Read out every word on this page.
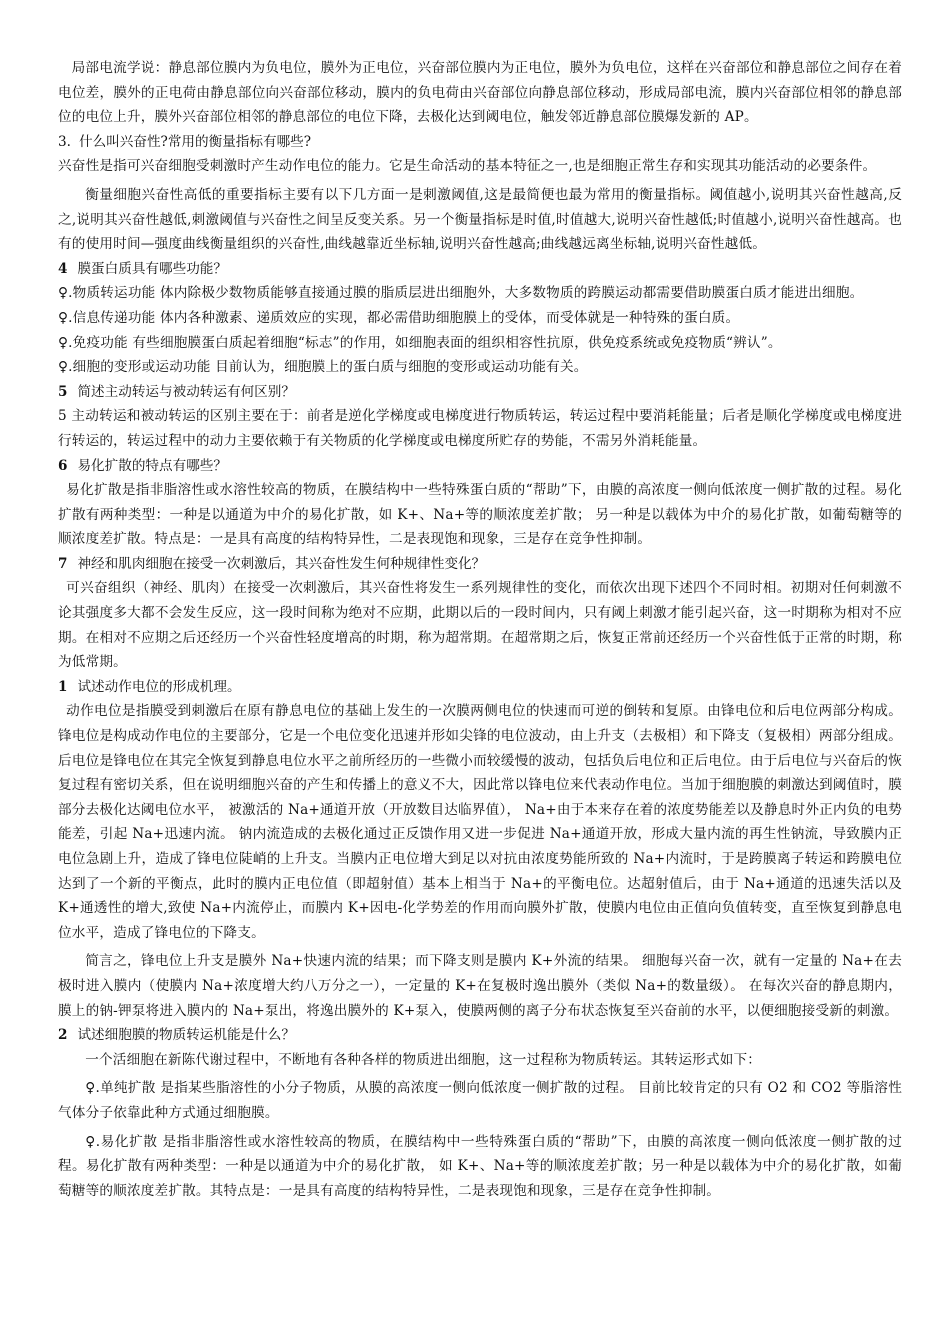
局部电流学说：静息部位膜内为负电位，膜外为正电位，兴奋部位膜内为正电位，膜外为负电位，这样在兴奋部位和静息部位之间存在着电位差，膜外的正电荷由静息部位向兴奋部位移动，膜内的负电荷由兴奋部位向静息部位移动，形成局部电流，膜内兴奋部位相邻的静息部位的电位上升，膜外兴奋部位相邻的静息部位的电位下降，去极化达到阈电位，触发邻近静息部位膜爆发新的 AP。

3. 什么叫兴奋性?常用的衡量指标有哪些?

兴奋性是指可兴奋细胞受刺激时产生动作电位的能力。它是生命活动的基本特征之一,也是细胞正常生存和实现其功能活动的必要条件。

衡量细胞兴奋性高低的重要指标主要有以下几方面一是刺激阈值,这是最简便也最为常用的衡量指标。阈值越小,说明其兴奋性越高,反之,说明其兴奋性越低,刺激阈值与兴奋性之间呈反变关系。另一个衡量指标是时值,时值越大,说明兴奋性越低;时值越小,说明兴奋性越高。也有的使用时间—强度曲线衡量组织的兴奋性,曲线越靠近坐标轴,说明兴奋性越高;曲线越远离坐标轴,说明兴奋性越低。

4 膜蛋白质具有哪些功能？

♀.物质转运功能 体内除极少数物质能够直接通过膜的脂质层进出细胞外，大多数物质的跨膜运动都需要借助膜蛋白质才能进出细胞。

♀.信息传递功能 体内各种激素、递质效应的实现，都必需借助细胞膜上的受体，而受体就是一种特殊的蛋白质。

♀.免疫功能 有些细胞膜蛋白质起着细胞“标志”的作用，如细胞表面的组织相容性抗原，供免疫系统或免疫物质“辨认”。

♀.细胞的变形或运动功能 目前认为，细胞膜上的蛋白质与细胞的变形或运动功能有关。

5 简述主动转运与被动转运有何区别？

5 主动转运和被动转运的区别主要在于：前者是逆化学梯度或电梯度进行物质转运，转运过程中要消耗能量；后者是顺化学梯度或电梯度进行转运的，转运过程中的动力主要依赖于有关物质的化学梯度或电梯度所贮存的势能，不需另外消耗能量。

6 易化扩散的特点有哪些？

易化扩散是指非脂溶性或水溶性较高的物质，在膜结构中一些特殊蛋白质的“帮助”下，由膜的高浓度一侧向低浓度一侧扩散的过程。易化扩散有两种类型：一种是以通道为中介的易化扩散，如 K+、Na+等的顺浓度差扩散； 另一种是以载体为中介的易化扩散，如葡萄糖等的顺浓度差扩散。特点是：一是具有高度的结构特异性，二是表现饱和现象，三是存在竞争性抑制。

7 神经和肌肉细胞在接受一次刺激后，其兴奋性发生何种规律性变化？

可兴奋组织（神经、肌肉）在接受一次刺激后，其兴奋性将发生一系列规律性的变化，而依次出现下述四个不同时相。初期对任何刺激不论其强度多大都不会发生反应，这一段时间称为绝对不应期，此期以后的一段时间内，只有阈上刺激才能引起兴奋，这一时期称为相对不应期。在相对不应期之后还经历一个兴奋性轻度增高的时期，称为超常期。在超常期之后，恢复正常前还经历一个兴奋性低于正常的时期，称为低常期。

1 试述动作电位的形成机理。

动作电位是指膜受到刺激后在原有静息电位的基础上发生的一次膜两侧电位的快速而可逆的倒转和复原。由锋电位和后电位两部分构成。锋电位是构成动作电位的主要部分，它是一个电位变化迅速并形如尖锋的电位波动，由上升支（去极相）和下降支（复极相）两部分组成。后电位是锋电位在其完全恢复到静息电位水平之前所经历的一些微小而较缓慢的波动，包括负后电位和正后电位。由于后电位与兴奋后的恢复过程有密切关系，但在说明细胞兴奋的产生和传播上的意义不大，因此常以锋电位来代表动作电位。当加于细胞膜的刺激达到阈值时，膜部分去极化达阈电位水平， 被激活的 Na+通道开放（开放数目达临界值）， Na+由于本来存在着的浓度势能差以及静息时外正内负的电势能差，引起 Na+迅速内流。 钠内流造成的去极化通过正反馈作用又进一步促进 Na+通道开放，形成大量内流的再生性钠流，导致膜内正电位急剧上升，造成了锋电位陡峭的上升支。当膜内正电位增大到足以对抗由浓度势能所致的 Na+内流时，于是跨膜离子转运和跨膜电位达到了一个新的平衡点，此时的膜内正电位值（即超射值）基本上相当于 Na+的平衡电位。达超射值后，由于 Na+通道的迅速失活以及 K+通透性的增大,致使 Na+内流停止，而膜内 K+因电-化学势差的作用而向膜外扩散，使膜内电位由正值向负值转变，直至恢复到静息电位水平，造成了锋电位的下降支。

简言之，锋电位上升支是膜外 Na+快速内流的结果；而下降支则是膜内 K+外流的结果。 细胞每兴奋一次，就有一定量的 Na+在去极时进入膜内（使膜内 Na+浓度增大约八万分之一），一定量的 K+在复极时逸出膜外（类似 Na+的数量级）。 在每次兴奋的静息期内， 膜上的钠-钾泵将进入膜内的 Na+泵出，将逸出膜外的 K+泵入，使膜两侧的离子分布状态恢复至兴奋前的水平，以便细胞接受新的刺激。

2 试述细胞膜的物质转运机能是什么？

一个活细胞在新陈代谢过程中，不断地有各种各样的物质进出细胞，这一过程称为物质转运。其转运形式如下：

♀.单纯扩散 是指某些脂溶性的小分子物质，从膜的高浓度一侧向低浓度一侧扩散的过程。 目前比较肯定的只有 O2 和 CO2 等脂溶性气体分子依靠此种方式通过细胞膜。

♀.易化扩散 是指非脂溶性或水溶性较高的物质，在膜结构中一些特殊蛋白质的“帮助”下，由膜的高浓度一侧向低浓度一侧扩散的过程。易化扩散有两种类型：一种是以通道为中介的易化扩散， 如 K+、Na+等的顺浓度差扩散；另一种是以载体为中介的易化扩散，如葡萄糖等的顺浓度差扩散。其特点是：一是具有高度的结构特异性，二是表现饱和现象，三是存在竞争性抑制。
